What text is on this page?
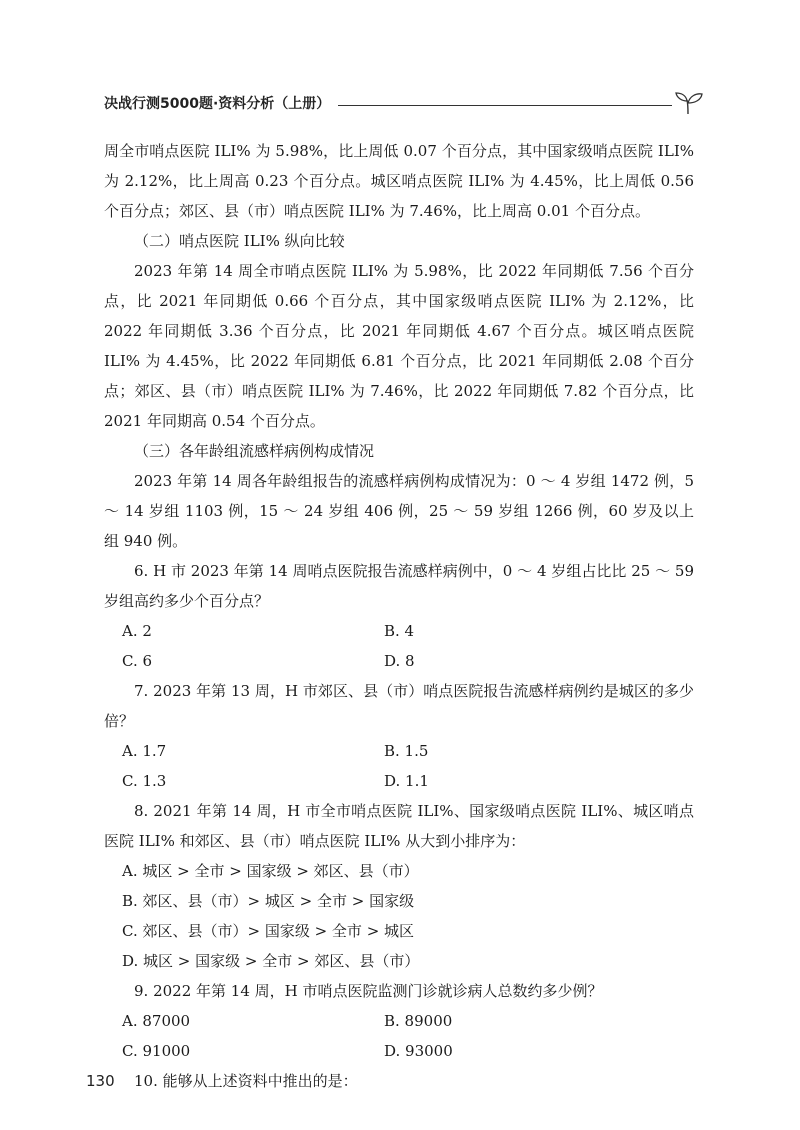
决战行测5000题·资料分析（上册）

周全市哨点医院 ILI% 为 5.98%，比上周低 0.07 个百分点，其中国家级哨点医院 ILI% 为 2.12%，比上周高 0.23 个百分点。城区哨点医院 ILI% 为 4.45%，比上周低 0.56 个百分点；郊区、县（市）哨点医院 ILI% 为 7.46%，比上周高 0.01 个百分点。

（二）哨点医院 ILI% 纵向比较

2023 年第 14 周全市哨点医院 ILI% 为 5.98%，比 2022 年同期低 7.56 个百分点，比 2021 年同期低 0.66 个百分点，其中国家级哨点医院 ILI% 为 2.12%，比 2022 年同期低 3.36 个百分点，比 2021 年同期低 4.67 个百分点。城区哨点医院 ILI% 为 4.45%，比 2022 年同期低 6.81 个百分点，比 2021 年同期低 2.08 个百分点；郊区、县（市）哨点医院 ILI% 为 7.46%，比 2022 年同期低 7.82 个百分点，比 2021 年同期高 0.54 个百分点。

（三）各年龄组流感样病例构成情况

2023 年第 14 周各年龄组报告的流感样病例构成情况为：0 ～ 4 岁组 1472 例，5 ～ 14 岁组 1103 例，15 ～ 24 岁组 406 例，25 ～ 59 岁组 1266 例，60 岁及以上组 940 例。

6. H 市 2023 年第 14 周哨点医院报告流感样病例中，0 ～ 4 岁组占比比 25 ～ 59 岁组高约多少个百分点？

A. 2	B. 4
C. 6	D. 8

7. 2023 年第 13 周，H 市郊区、县（市）哨点医院报告流感样病例约是城区的多少倍？

A. 1.7	B. 1.5
C. 1.3	D. 1.1

8. 2021 年第 14 周，H 市全市哨点医院 ILI%、国家级哨点医院 ILI%、城区哨点医院 ILI% 和郊区、县（市）哨点医院 ILI% 从大到小排序为：

A. 城区 > 全市 > 国家级 > 郊区、县（市）
B. 郊区、县（市）> 城区 > 全市 > 国家级
C. 郊区、县（市）> 国家级 > 全市 > 城区
D. 城区 > 国家级 > 全市 > 郊区、县（市）

9. 2022 年第 14 周，H 市哨点医院监测门诊就诊病人总数约多少例？

A. 87000	B. 89000
C. 91000	D. 93000

10. 能够从上述资料中推出的是：

130
